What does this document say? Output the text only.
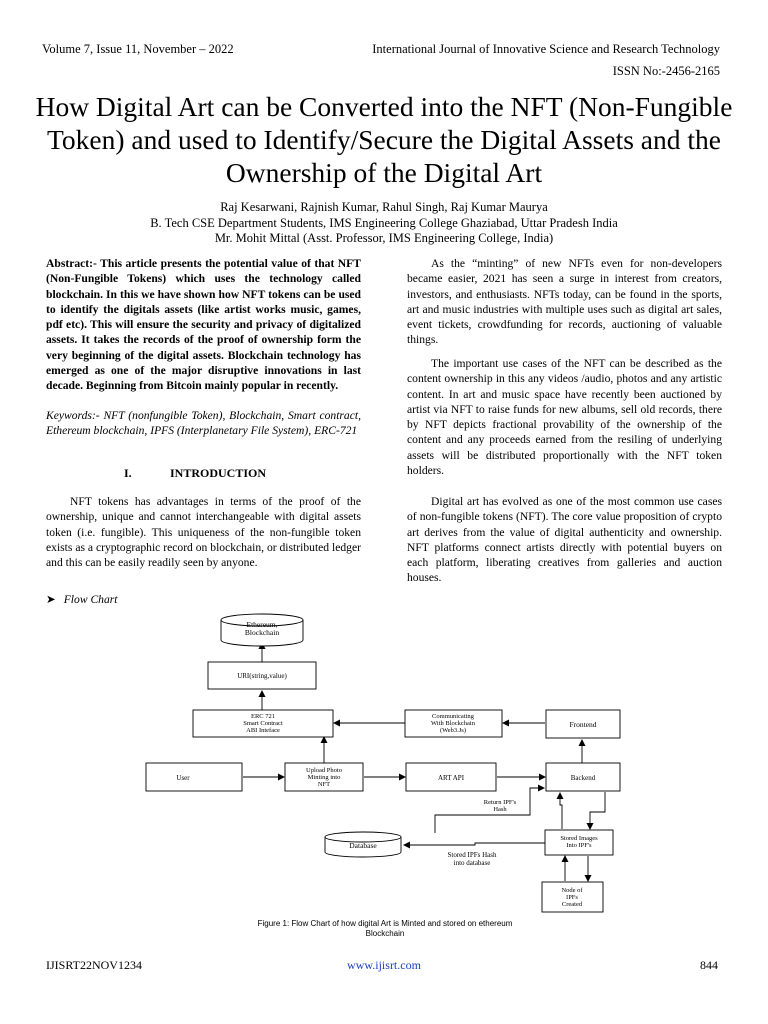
Volume 7, Issue 11, November – 2022	International Journal of Innovative Science and Research Technology
ISSN No:-2456-2165
How Digital Art can be Converted into the NFT (Non-Fungible Token) and used to Identify/Secure the Digital Assets and the Ownership of the Digital Art
Raj Kesarwani, Rajnish Kumar, Rahul Singh, Raj Kumar Maurya
B. Tech CSE Department Students, IMS Engineering College Ghaziabad, Uttar Pradesh India
Mr. Mohit Mittal (Asst. Professor, IMS Engineering College, India)
Abstract:- This article presents the potential value of that NFT (Non-Fungible Tokens) which uses the technology called blockchain. In this we have shown how NFT tokens can be used to identify the digitals assets (like artist works music, games, pdf etc). This will ensure the security and privacy of digitalized assets. It takes the records of the proof of ownership form the very beginning of the digital assets. Blockchain technology has emerged as one of the major disruptive innovations in last decade. Beginning from Bitcoin mainly popular in recently.
Keywords:- NFT (nonfungible Token), Blockchain, Smart contract, Ethereum blockchain, IPFS (Interplanetary File System), ERC-721
I.	INTRODUCTION
NFT tokens has advantages in terms of the proof of the ownership, unique and cannot interchangeable with digital assets token (i.e. fungible). This uniqueness of the non-fungible token exists as a cryptographic record on blockchain, or distributed ledger and this can be easily readily seen by anyone.
As the “minting” of new NFTs even for non-developers became easier, 2021 has seen a surge in interest from creators, investors, and enthusiasts. NFTs today, can be found in the sports, art and music industries with multiple uses such as digital art sales, event tickets, crowdfunding for records, auctioning of valuable things.
The important use cases of the NFT can be described as the content ownership in this any videos /audio, photos and any artistic content. In art and music space have recently been auctioned by artist via NFT to raise funds for new albums, sell old records, there by NFT depicts fractional provability of the ownership of the content and any proceeds earned from the resiling of underlying assets will be distributed proportionally with the NFT token holders.
Digital art has evolved as one of the most common use cases of non-fungible tokens (NFT). The core value proposition of crypto art derives from the value of digital authenticity and ownership. NFT platforms connect artists directly with potential buyers on each platform, liberating creatives from galleries and auction houses.
➤ Flow Chart
Ethereum,
Blockchain
URI(string,value)
ERC 721
Smart Contract
ABI Inteface
Communicating
With Blockchain
(Web3.Js)
Frontend
User
Upload Photo
Minting into
NFT
ART API	Backend
Return IPF's
Hash
Database
Stored Images
Into IPF's
Stored IPFs Hash
into database
Node of
IPFs
Created
Figure 1: Flow Chart of how digital Art is Minted and stored on ethereum
Blockchain
IJISRT22NOV1234	www.ijisrt.com	844
